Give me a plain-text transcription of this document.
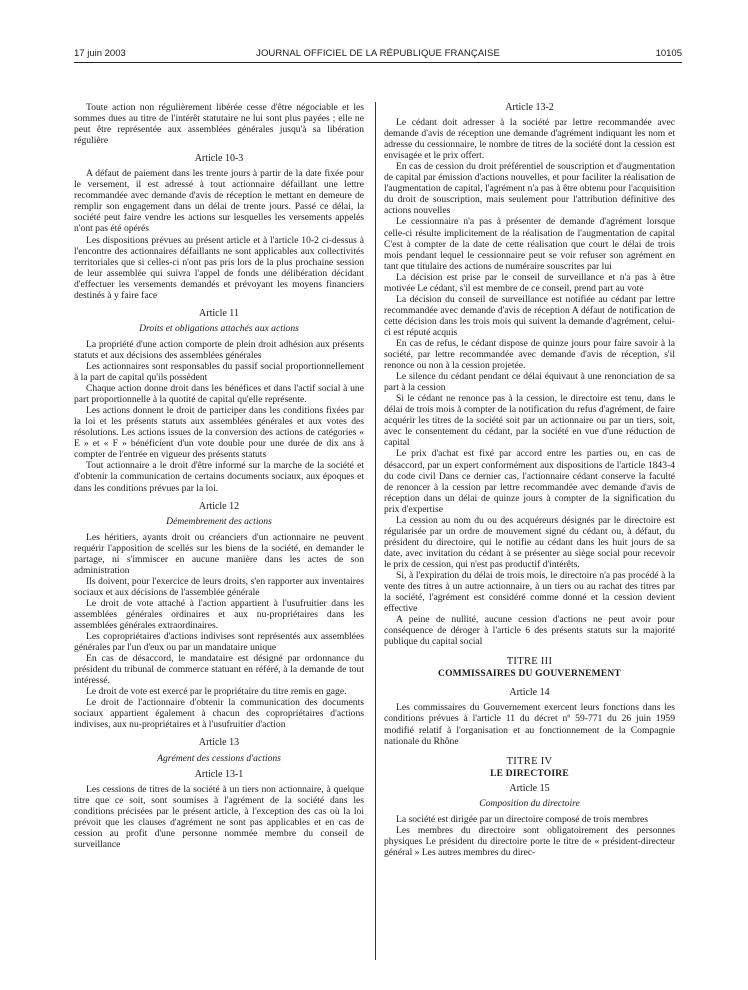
17 juin 2003	JOURNAL OFFICIEL DE LA RÉPUBLIQUE FRANÇAISE	10105

Toute action non régulièrement libérée cesse d'être négociable et les sommes dues au titre de l'intérêt statutaire ne lui sont plus payées ; elle ne peut être représentée aux assemblées générales jusqu'à sa libération régulière

Article 10-3

A défaut de paiement dans les trente jours à partir de la date fixée pour le versement, il est adressé à tout actionnaire défaillant une lettre recommandée avec demande d'avis de réception le mettant en demeure de remplir son engagement dans un délai de trente jours. Passé ce délai, la société peut faire vendre les actions sur lesquelles les versements appelés n'ont pas été opérés

Les dispositions prévues au présent article et à l'article 10-2 ci-dessus à l'encontre des actionnaires défaillants ne sont applicables aux collectivités territoriales que si celles-ci n'ont pas pris lors de la plus prochaine session de leur assemblée qui suivra l'appel de fonds une délibération décidant d'effectuer les versements demandés et prévoyant les moyens financiers destinés à y faire face

Article 11
Droits et obligations attachés aux actions

La propriété d'une action comporte de plein droit adhésion aux présents statuts et aux décisions des assemblées générales

Les actionnaires sont responsables du passif social proportionnellement à la part de capital qu'ils possèdent

Chaque action donne droit dans les bénéfices et dans l'actif social à une part proportionnelle à la quotité de capital qu'elle représente.

Les actions donnent le droit de participer dans les conditions fixées par la loi et les présents statuts aux assemblées générales et aux votes des résolutions. Les actions issues de la conversion des actions de catégories « E » et « F » bénéficient d'un vote double pour une durée de dix ans à compter de l'entrée en vigueur des présents statuts

Tout actionnaire a le droit d'être informé sur la marche de la société et d'obtenir la communication de certains documents sociaux, aux époques et dans les conditions prévues par la loi.

Article 12
Démembrement des actions

Les héritiers, ayants droit ou créanciers d'un actionnaire ne peuvent requérir l'apposition de scellés sur les biens de la société, en demander le partage, ni s'immiscer en aucune manière dans les actes de son administration

Ils doivent, pour l'exercice de leurs droits, s'en rapporter aux inventaires sociaux et aux décisions de l'assemblée générale

Le droit de vote attaché à l'action appartient à l'usufruitier dans les assemblées générales ordinaires et aux nu-propriétaires dans les assemblées générales extraordinaires.

Les copropriétaires d'actions indivises sont représentés aux assemblées générales par l'un d'eux ou par un mandataire unique

En cas de désaccord, le mandataire est désigné par ordonnance du président du tribunal de commerce statuant en référé, à la demande de tout intéressé.

Le droit de vote est exercé par le propriétaire du titre remis en gage.

Le droit de l'actionnaire d'obtenir la communication des documents sociaux appartient également à chacun des copropriétaires d'actions indivises, aux nu-propriétaires et à l'usufruitier d'action

Article 13
Agrément des cessions d'actions
Article 13-1

Les cessions de titres de la société à un tiers non actionnaire, à quelque titre que ce soit, sont soumises à l'agrément de la société dans les conditions précisées par le présent article, à l'exception des cas où la loi prévoit que les clauses d'agrément ne sont pas applicables et en cas de cession au profit d'une personne nommée membre du conseil de surveillance

Article 13-2

Le cédant doit adresser à la société par lettre recommandée avec demande d'avis de réception une demande d'agrément indiquant les nom et adresse du cessionnaire, le nombre de titres de la société dont la cession est envisagée et le prix offert.

En cas de cession du droit préférentiel de souscription et d'augmentation de capital par émission d'actions nouvelles, et pour faciliter la réalisation de l'augmentation de capital, l'agrément n'a pas à être obtenu pour l'acquisition du droit de souscription, mais seulement pour l'attribution définitive des actions nouvelles

Le cessionnaire n'a pas à présenter de demande d'agrément lorsque celle-ci résulte implicitement de la réalisation de l'augmentation de capital C'est à compter de la date de cette réalisation que court le délai de trois mois pendant lequel le cessionnaire peut se voir refuser son agrément en tant que titulaire des actions de numéraire souscrites par lui

La décision est prise par le conseil de surveillance et n'a pas à être motivée Le cédant, s'il est membre de ce conseil, prend part au vote

La décision du conseil de surveillance est notifiée au cédant par lettre recommandée avec demande d'avis de réception A défaut de notification de cette décision dans les trois mois qui suivent la demande d'agrément, celui-ci est réputé acquis

En cas de refus, le cédant dispose de quinze jours pour faire savoir à la société, par lettre recommandée avec demande d'avis de réception, s'il renonce ou non à la cession projetée.

Le silence du cédant pendant ce délai équivaut à une renonciation de sa part à la cession

Si le cédant ne renonce pas à la cession, le directoire est tenu, dans le délai de trois mois à compter de la notification du refus d'agrément, de faire acquérir les titres de la société soit par un actionnaire ou par un tiers, soit, avec le consentement du cédant, par la société en vue d'une réduction de capital

Le prix d'achat est fixé par accord entre les parties ou, en cas de désaccord, par un expert conformément aux dispositions de l'article 1843-4 du code civil Dans ce dernier cas, l'actionnaire cédant conserve la faculté de renoncer à la cession par lettre recommandée avec demande d'avis de réception dans un délai de quinze jours à compter de la signification du prix d'expertise

La cession au nom du ou des acquéreurs désignés par le directoire est régularisée par un ordre de mouvement signé du cédant ou, à défaut, du président du directoire, qui le notifie au cédant dans les huit jours de sa date, avec invitation du cédant à se présenter au siège social pour recevoir le prix de cession, qui n'est pas productif d'intérêts.

Si, à l'expiration du délai de trois mois, le directoire n'a pas procédé à la vente des titres à un autre actionnaire, à un tiers ou au rachat des titres par la société, l'agrément est considéré comme donné et la cession devient effective

A peine de nullité, aucune cession d'actions ne peut avoir pour conséquence de déroger à l'article 6 des présents statuts sur la majorité publique du capital social

TITRE III
COMMISSAIRES DU GOUVERNEMENT
Article 14

Les commissaires du Gouvernement exercent leurs fonctions dans les conditions prévues à l'article 11 du décret nº 59-771 du 26 juin 1959 modifié relatif à l'organisation et au fonctionnement de la Compagnie nationale du Rhône

TITRE IV
LE DIRECTOIRE
Article 15
Composition du directoire

La société est dirigée par un directoire composé de trois membres

Les membres du directoire sont obligatoirement des personnes physiques Le président du directoire porte le titre de « président-directeur général » Les autres membres du direc-
